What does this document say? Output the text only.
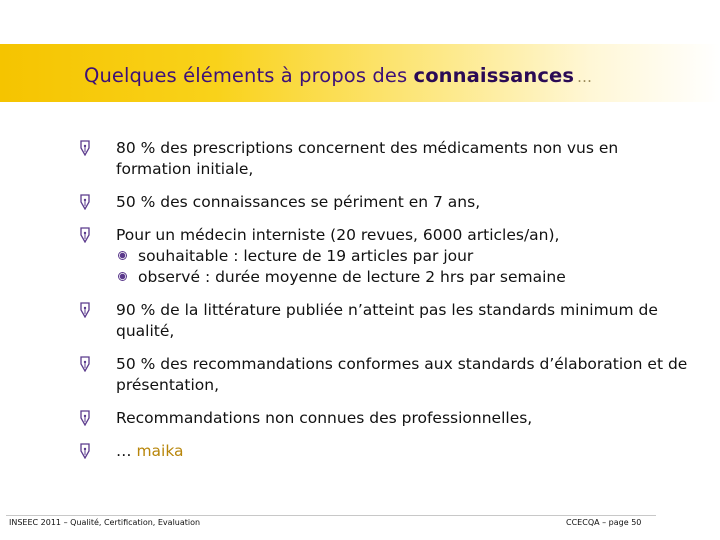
Quelques éléments à propos des connaissances …
80 % des prescriptions concernent des médicaments non vus en formation initiale,
50 % des connaissances se périment en 7 ans,
Pour un médecin interniste (20 revues, 6000 articles/an),
souhaitable : lecture de 19 articles par jour
observé : durée moyenne de lecture 2 hrs par semaine
90 % de la littérature publiée n’atteint pas les standards minimum de qualité,
50 % des recommandations conformes aux standards d’élaboration et de présentation,
Recommandations non connues des professionnelles,
… maika
INSEEC 2011 – Qualité, Certification, Evaluation	CCECQA – page 50
